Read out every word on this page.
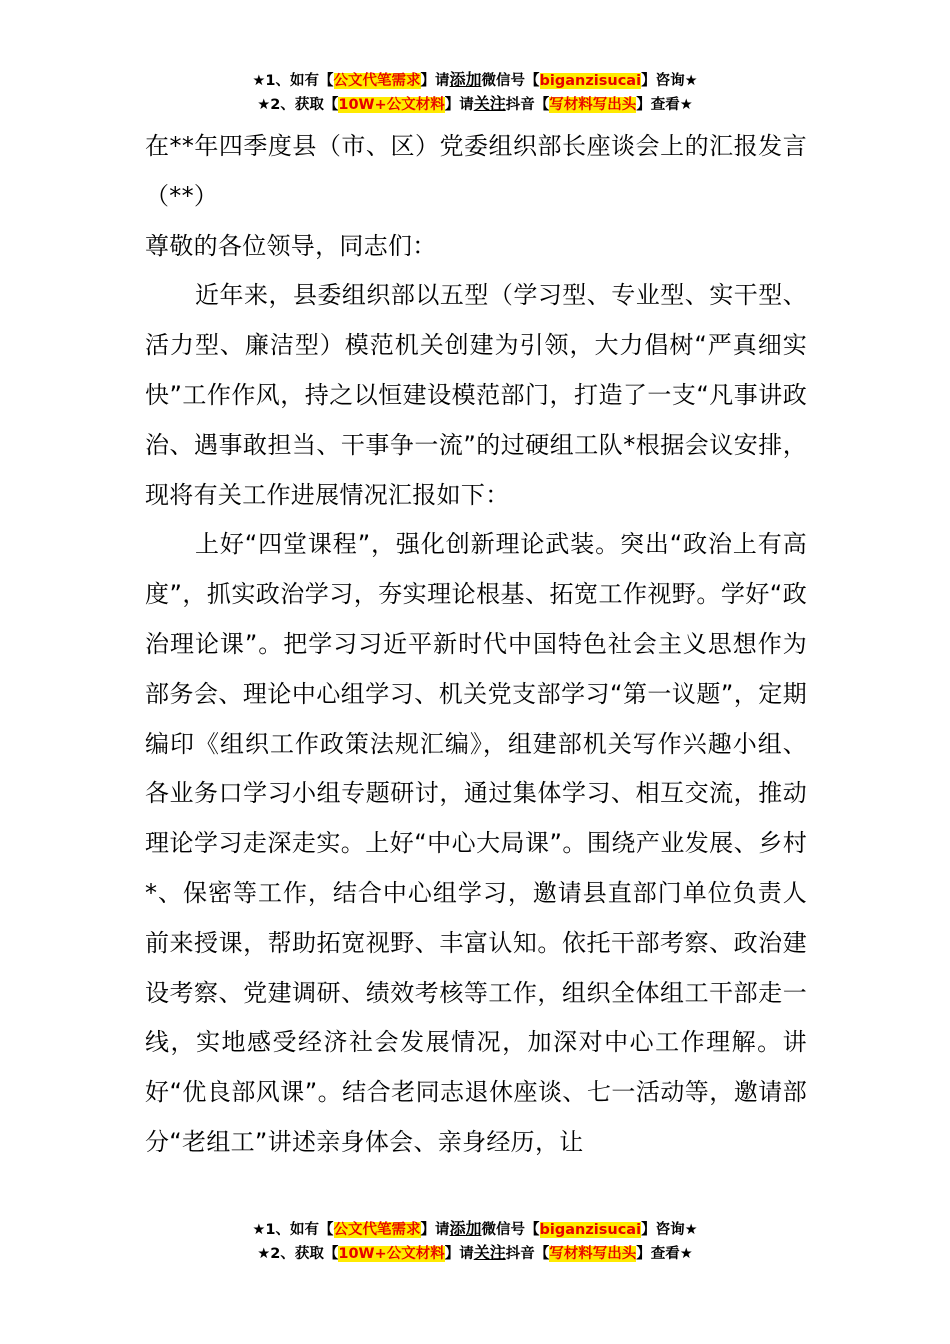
★1、如有【公文代笔需求】请添加微信号【biganzisucai】咨询★
★2、获取【10W+公文材料】请关注抖音【写材料写出头】查看★

在**年四季度县（市、区）党委组织部长座谈会上的汇报发言（**）

尊敬的各位领导，同志们：

近年来，县委组织部以五型（学习型、专业型、实干型、活力型、廉洁型）模范机关创建为引领，大力倡树“严真细实快”工作作风，持之以恒建设模范部门，打造了一支“凡事讲政治、遇事敢担当、干事争一流”的过硬组工队*根据会议安排，现将有关工作进展情况汇报如下：

上好“四堂课程”，强化创新理论武装。突出“政治上有高度”，抓实政治学习，夯实理论根基、拓宽工作视野。学好“政治理论课”。把学习习近平新时代中国特色社会主义思想作为部务会、理论中心组学习、机关党支部学习“第一议题”，定期编印《组织工作政策法规汇编》，组建部机关写作兴趣小组、各业务口学习小组专题研讨，通过集体学习、相互交流，推动理论学习走深走实。上好“中心大局课”。围绕产业发展、乡村*、保密等工作，结合中心组学习，邀请县直部门单位负责人前来授课，帮助拓宽视野、丰富认知。依托干部考察、政治建设考察、党建调研、绩效考核等工作，组织全体组工干部走一线，实地感受经济社会发展情况，加深对中心工作理解。讲好“优良部风课”。结合老同志退休座谈、七一活动等，邀请部分“老组工”讲述亲身体会、亲身经历，让

★1、如有【公文代笔需求】请添加微信号【biganzisucai】咨询★
★2、获取【10W+公文材料】请关注抖音【写材料写出头】查看★
